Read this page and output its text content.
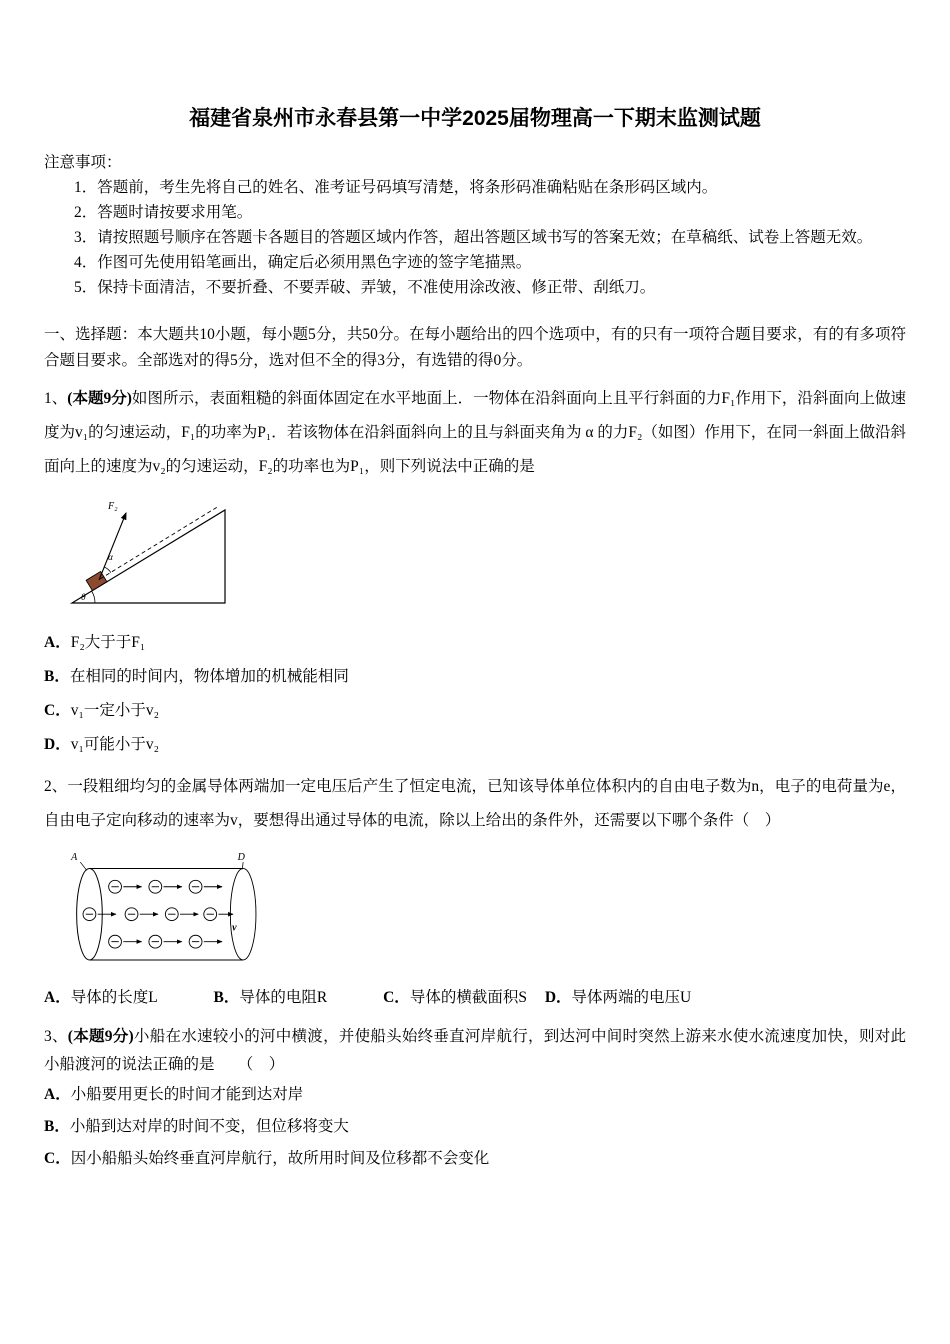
福建省泉州市永春县第一中学2025届物理高一下期末监测试题

注意事项：

1．答题前，考生先将自己的姓名、准考证号码填写清楚，将条形码准确粘贴在条形码区域内。

2．答题时请按要求用笔。

3．请按照题号顺序在答题卡各题目的答题区域内作答，超出答题区域书写的答案无效；在草稿纸、试卷上答题无效。

4．作图可先使用铅笔画出，确定后必须用黑色字迹的签字笔描黑。

5．保持卡面清洁，不要折叠、不要弄破、弄皱，不准使用涂改液、修正带、刮纸刀。

一、选择题：本大题共10小题，每小题5分，共50分。在每小题给出的四个选项中，有的只有一项符合题目要求，有的有多项符合题目要求。全部选对的得5分，选对但不全的得3分，有选错的得0分。

1、(本题9分)如图所示，表面粗糙的斜面体固定在水平地面上．一物体在沿斜面向上且平行斜面的力F₁作用下，沿斜面向上做速度为v₁的匀速运动，F₁的功率为P₁．若该物体在沿斜面斜向上的且与斜面夹角为 α 的力F₂（如图）作用下，在同一斜面上做沿斜面向上的速度为v₂的匀速运动，F₂的功率也为P₁，则下列说法中正确的是

θ
α
F₂

A．F₂大于于F₁

B．在相同的时间内，物体增加的机械能相同

C．v₁一定小于v₂

D．v₁可能小于v₂

2、一段粗细均匀的金属导体两端加一定电压后产生了恒定电流，已知该导体单位体积内的自由电子数为n，电子的电荷量为e，自由电子定向移动的速率为v，要想得出通过导体的电流，除以上给出的条件外，还需要以下哪个条件（　）

A	D
v

A．导体的长度L	B．导体的电阻R	C．导体的横截面积S D．导体两端的电压U

3、(本题9分)小船在水速较小的河中横渡，并使船头始终垂直河岸航行，到达河中间时突然上游来水使水流速度加快，则对此小船渡河的说法正确的是　　（　）

A．小船要用更长的时间才能到达对岸

B．小船到达对岸的时间不变，但位移将变大

C．因小船船头始终垂直河岸航行，故所用时间及位移都不会变化
